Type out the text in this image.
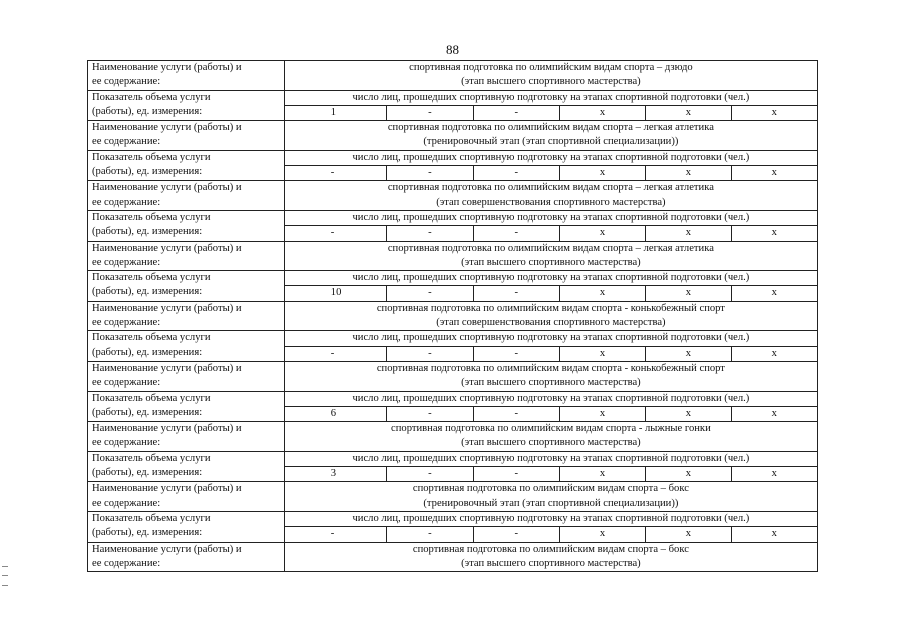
88
Наименование услуги (работы) и
ее содержание:	спортивная подготовка по олимпийским видам спорта – дзюдо
(этап высшего спортивного мастерства)					

Показатель объема услуги
(работы), ед. измерения:	число лиц, прошедших спортивную подготовку на этапах спортивной подготовки (чел.)					
	1	-	-	x	x	x

Наименование услуги (работы) и
ее содержание:	спортивная подготовка по олимпийским видам спорта – легкая атлетика
(тренировочный этап (этап спортивной специализации))					

Показатель объема услуги
(работы), ед. измерения:	число лиц, прошедших спортивную подготовку на этапах спортивной подготовки (чел.)					
	-	-	-	x	x	x

Наименование услуги (работы) и
ее содержание:	спортивная подготовка по олимпийским видам спорта – легкая атлетика
(этап совершенствования спортивного мастерства)					

Показатель объема услуги
(работы), ед. измерения:	число лиц, прошедших спортивную подготовку на этапах спортивной подготовки (чел.)					
	-	-	-	x	x	x

Наименование услуги (работы) и
ее содержание:	спортивная подготовка по олимпийским видам спорта – легкая атлетика
(этап высшего спортивного мастерства)					

Показатель объема услуги
(работы), ед. измерения:	число лиц, прошедших спортивную подготовку на этапах спортивной подготовки (чел.)					
	10	-	-	x	x	x

Наименование услуги (работы) и
ее содержание:	спортивная подготовка по олимпийским видам спорта - конькобежный спорт
(этап совершенствования спортивного мастерства)					

Показатель объема услуги
(работы), ед. измерения:	число лиц, прошедших спортивную подготовку на этапах спортивной подготовки (чел.)					
	-	-	-	x	x	x

Наименование услуги (работы) и
ее содержание:	спортивная подготовка по олимпийским видам спорта - конькобежный спорт
(этап высшего спортивного мастерства)					

Показатель объема услуги
(работы), ед. измерения:	число лиц, прошедших спортивную подготовку на этапах спортивной подготовки (чел.)					
	6	-	-	x	x	x

Наименование услуги (работы) и
ее содержание:	спортивная подготовка по олимпийским видам спорта - лыжные гонки
(этап высшего спортивного мастерства)					

Показатель объема услуги
(работы), ед. измерения:	число лиц, прошедших спортивную подготовку на этапах спортивной подготовки (чел.)					
	3	-	-	x	x	x

Наименование услуги (работы) и
ее содержание:	спортивная подготовка по олимпийским видам спорта – бокс
(тренировочный этап (этап спортивной специализации))					

Показатель объема услуги
(работы), ед. измерения:	число лиц, прошедших спортивную подготовку на этапах спортивной подготовки (чел.)					
	-	-	-	x	x	x

Наименование услуги (работы) и
ее содержание:	спортивная подготовка по олимпийским видам спорта – бокс
(этап высшего спортивного мастерства)					
